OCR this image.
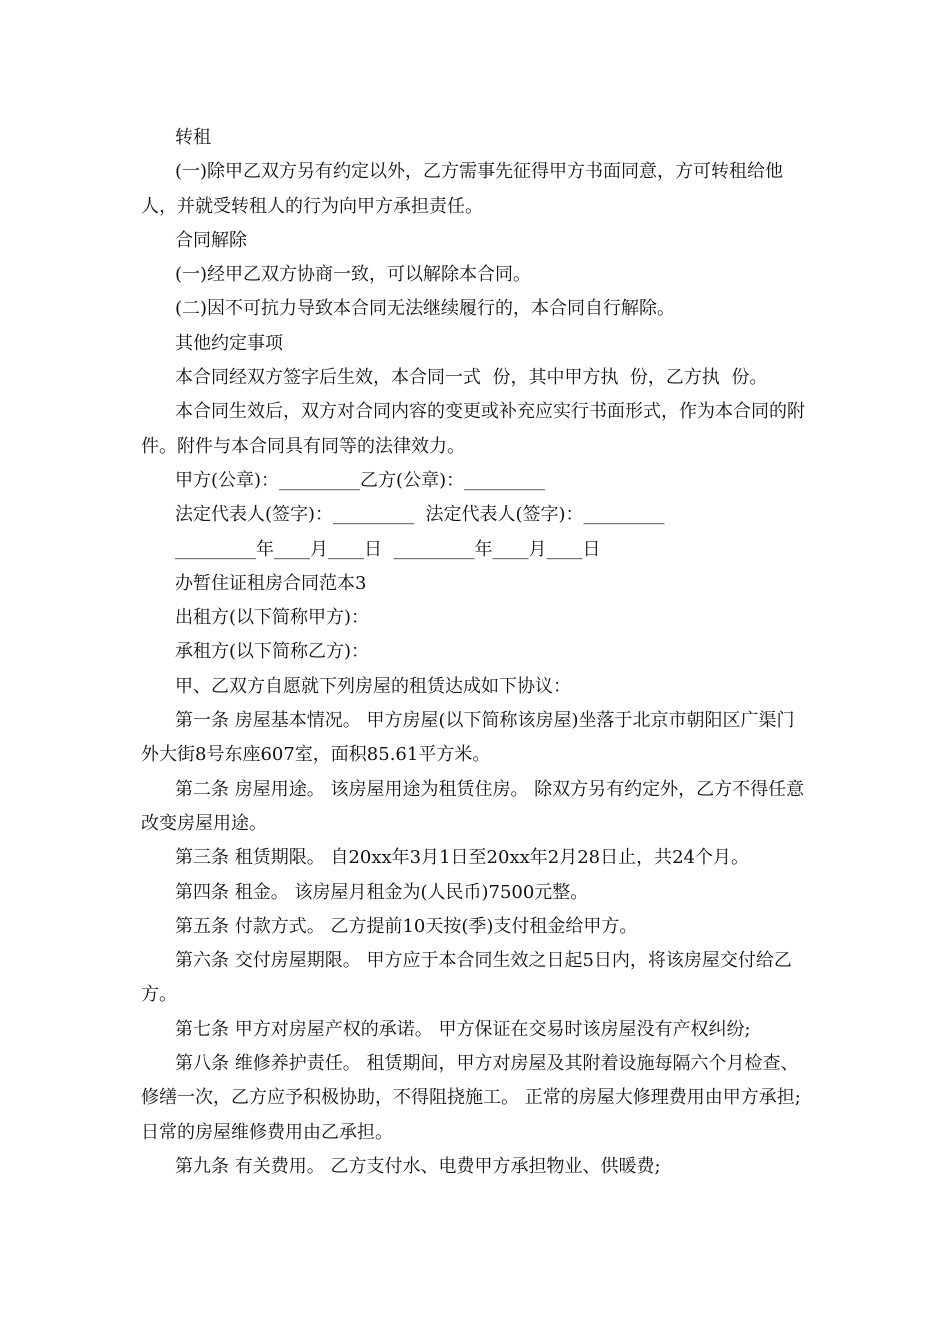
转租

(一)除甲乙双方另有约定以外，乙方需事先征得甲方书面同意，方可转租给他人，并就受转租人的行为向甲方承担责任。

合同解除

(一)经甲乙双方协商一致，可以解除本合同。

(二)因不可抗力导致本合同无法继续履行的，本合同自行解除。

其他约定事项

本合同经双方签字后生效，本合同一式  份，其中甲方执  份，乙方执  份。

本合同生效后，双方对合同内容的变更或补充应实行书面形式，作为本合同的附件。附件与本合同具有同等的法律效力。

甲方(公章)：_________乙方(公章)：_________

法定代表人(签字)：_________  法定代表人(签字)：_________

_________年____月____日  _________年____月____日

办暂住证租房合同范本3

出租方(以下简称甲方)：

承租方(以下简称乙方)：

甲、乙双方自愿就下列房屋的租赁达成如下协议：

第一条 房屋基本情况。 甲方房屋(以下简称该房屋)坐落于北京市朝阳区广渠门外大街8号东座607室，面积85.61平方米。

第二条 房屋用途。 该房屋用途为租赁住房。 除双方另有约定外，乙方不得任意改变房屋用途。

第三条 租赁期限。 自20xx年3月1日至20xx年2月28日止，共24个月。

第四条 租金。 该房屋月租金为(人民币)7500元整。

第五条 付款方式。 乙方提前10天按(季)支付租金给甲方。

第六条 交付房屋期限。 甲方应于本合同生效之日起5日内，将该房屋交付给乙方。

第七条 甲方对房屋产权的承诺。 甲方保证在交易时该房屋没有产权纠纷;

第八条 维修养护责任。 租赁期间，甲方对房屋及其附着设施每隔六个月检查、修缮一次，乙方应予积极协助，不得阻挠施工。 正常的房屋大修理费用由甲方承担;日常的房屋维修费用由乙承担。

第九条 有关费用。 乙方支付水、电费甲方承担物业、供暖费;
